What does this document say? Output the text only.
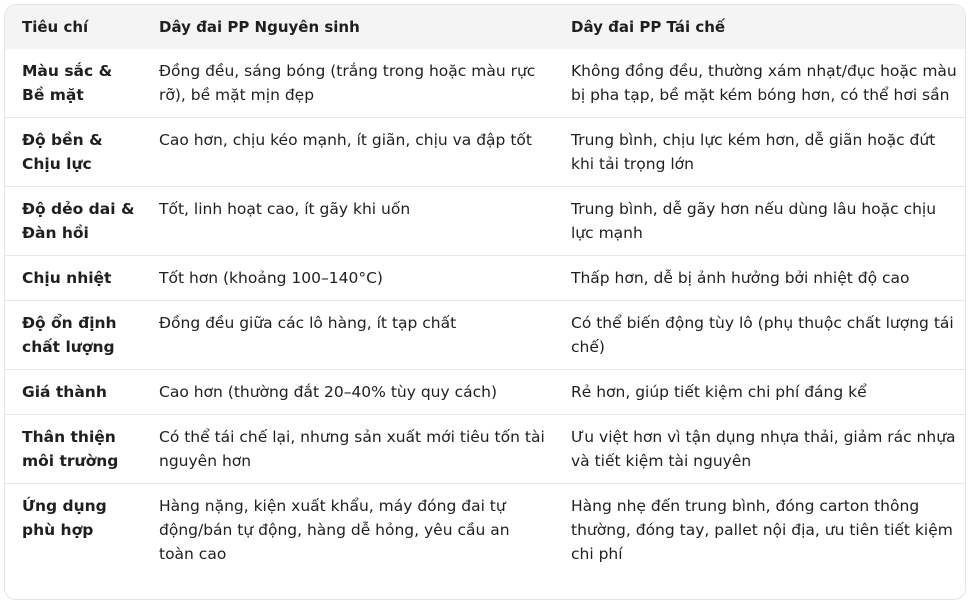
Tiêu chí	Dây đai PP Nguyên sinh	Dây đai PP Tái chế
Màu sắc & Bề mặt	Đồng đều, sáng bóng (trắng trong hoặc màu rực rỡ), bề mặt mịn đẹp	Không đồng đều, thường xám nhạt/đục hoặc màu bị pha tạp, bề mặt kém bóng hơn, có thể hơi sần
Độ bền & Chịu lực	Cao hơn, chịu kéo mạnh, ít giãn, chịu va đập tốt	Trung bình, chịu lực kém hơn, dễ giãn hoặc đứt khi tải trọng lớn
Độ dẻo dai & Đàn hồi	Tốt, linh hoạt cao, ít gãy khi uốn	Trung bình, dễ gãy hơn nếu dùng lâu hoặc chịu lực mạnh
Chịu nhiệt	Tốt hơn (khoảng 100–140°C)	Thấp hơn, dễ bị ảnh hưởng bởi nhiệt độ cao
Độ ổn định chất lượng	Đồng đều giữa các lô hàng, ít tạp chất	Có thể biến động tùy lô (phụ thuộc chất lượng tái chế)
Giá thành	Cao hơn (thường đắt 20–40% tùy quy cách)	Rẻ hơn, giúp tiết kiệm chi phí đáng kể
Thân thiện môi trường	Có thể tái chế lại, nhưng sản xuất mới tiêu tốn tài nguyên hơn	Ưu việt hơn vì tận dụng nhựa thải, giảm rác nhựa và tiết kiệm tài nguyên
Ứng dụng phù hợp	Hàng nặng, kiện xuất khẩu, máy đóng đai tự động/bán tự động, hàng dễ hỏng, yêu cầu an toàn cao	Hàng nhẹ đến trung bình, đóng carton thông thường, đóng tay, pallet nội địa, ưu tiên tiết kiệm chi phí
